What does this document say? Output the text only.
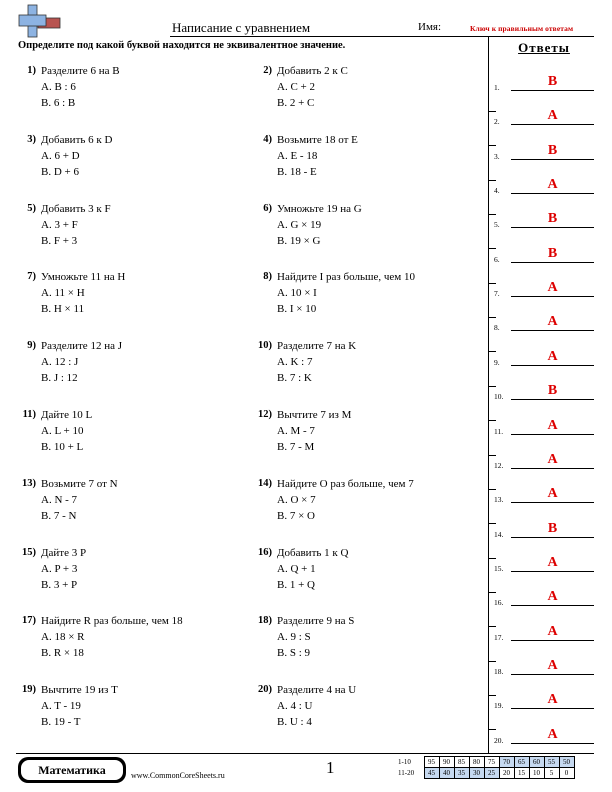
Написание с уравнением	Имя:	Ключ к правильным ответам
Определите под какой буквой находится не эквивалентное значение.	Ответы
1) Разделите 6 на B
A. B : 6
B. 6 : B
2) Добавить 2 к C
A. C + 2
B. 2 + C
3) Добавить 6 к D
A. 6 + D
B. D + 6
4) Возьмите 18 от E
A. E - 18
B. 18 - E
5) Добавить 3 к F
A. 3 + F
B. F + 3
6) Умножьте 19 на G
A. G × 19
B. 19 × G
7) Умножьте 11 на H
A. 11 × H
B. H × 11
8) Найдите I раз больше, чем 10
A. 10 × I
B. I × 10
9) Разделите 12 на J
A. 12 : J
B. J : 12
10) Разделите 7 на K
A. K : 7
B. 7 : K
11) Дайте 10 L
A. L + 10
B. 10 + L
12) Вычтите 7 из M
A. M - 7
B. 7 - M
13) Возьмите 7 от N
A. N - 7
B. 7 - N
14) Найдите O раз больше, чем 7
A. O × 7
B. 7 × O
15) Дайте 3 P
A. P + 3
B. 3 + P
16) Добавить 1 к Q
A. Q + 1
B. 1 + Q
17) Найдите R раз больше, чем 18
A. 18 × R
B. R × 18
18) Разделите 9 на S
A. 9 : S
B. S : 9
19) Вычтите 19 из T
A. T - 19
B. 19 - T
20) Разделите 4 на U
A. 4 : U
B. U : 4
1.	B
2.	A
3.	B
4.	A
5.	B
6.	B
7.	A
8.	A
9.	A
10.	B
11.	A
12.	A
13.	A
14.	B
15.	A
16.	A
17.	A
18.	A
19.	A
20.	A
Математика	www.CommonCoreSheets.ru	1	1-10	95	90	85	80	75	70	65	60	55	50
11-20	45	40	35	30	25	20	15	10	5	0
